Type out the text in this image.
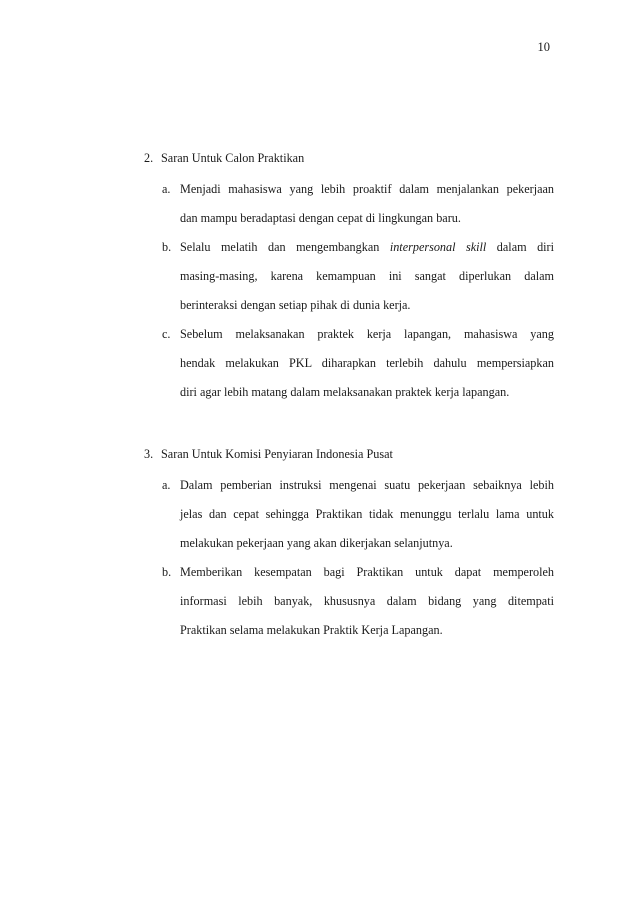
10
2. Saran Untuk Calon Praktikan
a. Menjadi mahasiswa yang lebih proaktif dalam menjalankan pekerjaan
dan mampu beradaptasi dengan cepat di lingkungan baru.
b. Selalu melatih dan mengembangkan interpersonal skill dalam diri
masing-masing, karena kemampuan ini sangat diperlukan dalam
berinteraksi dengan setiap pihak di dunia kerja.
c. Sebelum melaksanakan praktek kerja lapangan, mahasiswa yang
hendak melakukan PKL diharapkan terlebih dahulu mempersiapkan
diri agar lebih matang dalam melaksanakan praktek kerja lapangan.
3. Saran Untuk Komisi Penyiaran Indonesia Pusat
a. Dalam pemberian instruksi mengenai suatu pekerjaan sebaiknya lebih
jelas dan cepat sehingga Praktikan tidak menunggu terlalu lama untuk
melakukan pekerjaan yang akan dikerjakan selanjutnya.
b. Memberikan kesempatan bagi Praktikan untuk dapat memperoleh
informasi lebih banyak, khususnya dalam bidang yang ditempati
Praktikan selama melakukan Praktik Kerja Lapangan.
